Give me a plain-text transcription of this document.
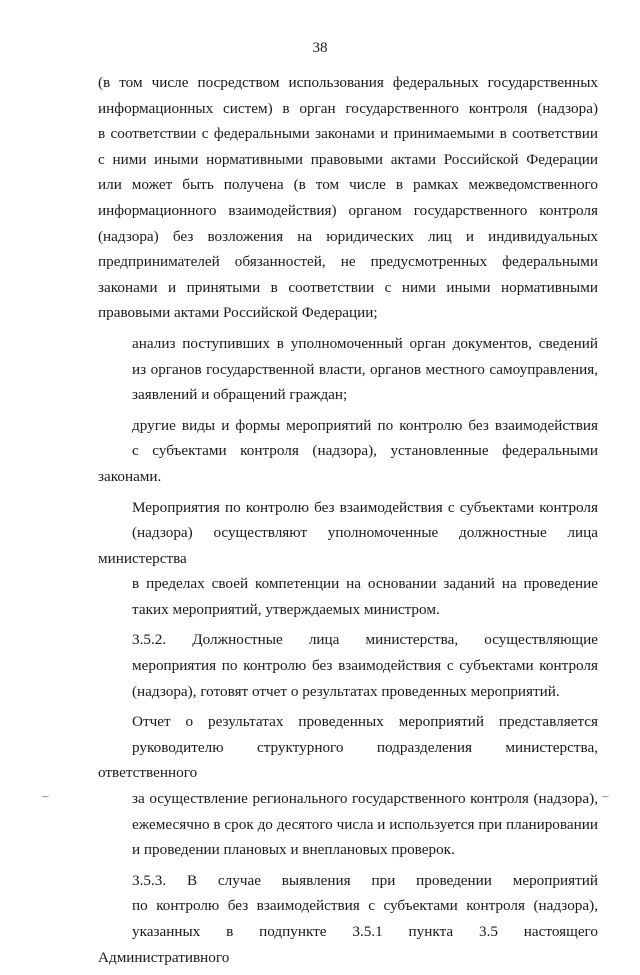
38

(в том числе посредством использования федеральных государственных
информационных систем) в орган государственного контроля (надзора)
в соответствии с федеральными законами и принимаемыми в соответствии
с ними иными нормативными правовыми актами Российской Федерации
или может быть получена (в том числе в рамках межведомственного
информационного взаимодействия) органом государственного контроля
(надзора) без возложения на юридических лиц и индивидуальных
предпринимателей обязанностей, не предусмотренных федеральными
законами и принятыми в соответствии с ними иными нормативными
правовыми актами Российской Федерации;

анализ поступивших в уполномоченный орган документов, сведений
из органов государственной власти, органов местного самоуправления,
заявлений и обращений граждан;

другие виды и формы мероприятий по контролю без взаимодействия
с субъектами контроля (надзора), установленные федеральными законами.

Мероприятия по контролю без взаимодействия с субъектами контроля
(надзора) осуществляют уполномоченные должностные лица министерства
в пределах своей компетенции на основании заданий на проведение
таких мероприятий, утверждаемых министром.

3.5.2. Должностные лица министерства, осуществляющие
мероприятия по контролю без взаимодействия с субъектами контроля
(надзора), готовят отчет о результатах проведенных мероприятий.

Отчет о результатах проведенных мероприятий представляется
руководителю структурного подразделения министерства, ответственного
за осуществление регионального государственного контроля (надзора),
ежемесячно в срок до десятого числа и используется при планировании
и проведении плановых и внеплановых проверок.

3.5.3. В случае выявления при проведении мероприятий
по контролю без взаимодействия с субъектами контроля (надзора),
указанных в подпункте 3.5.1 пункта 3.5 настоящего Административного

–	–
